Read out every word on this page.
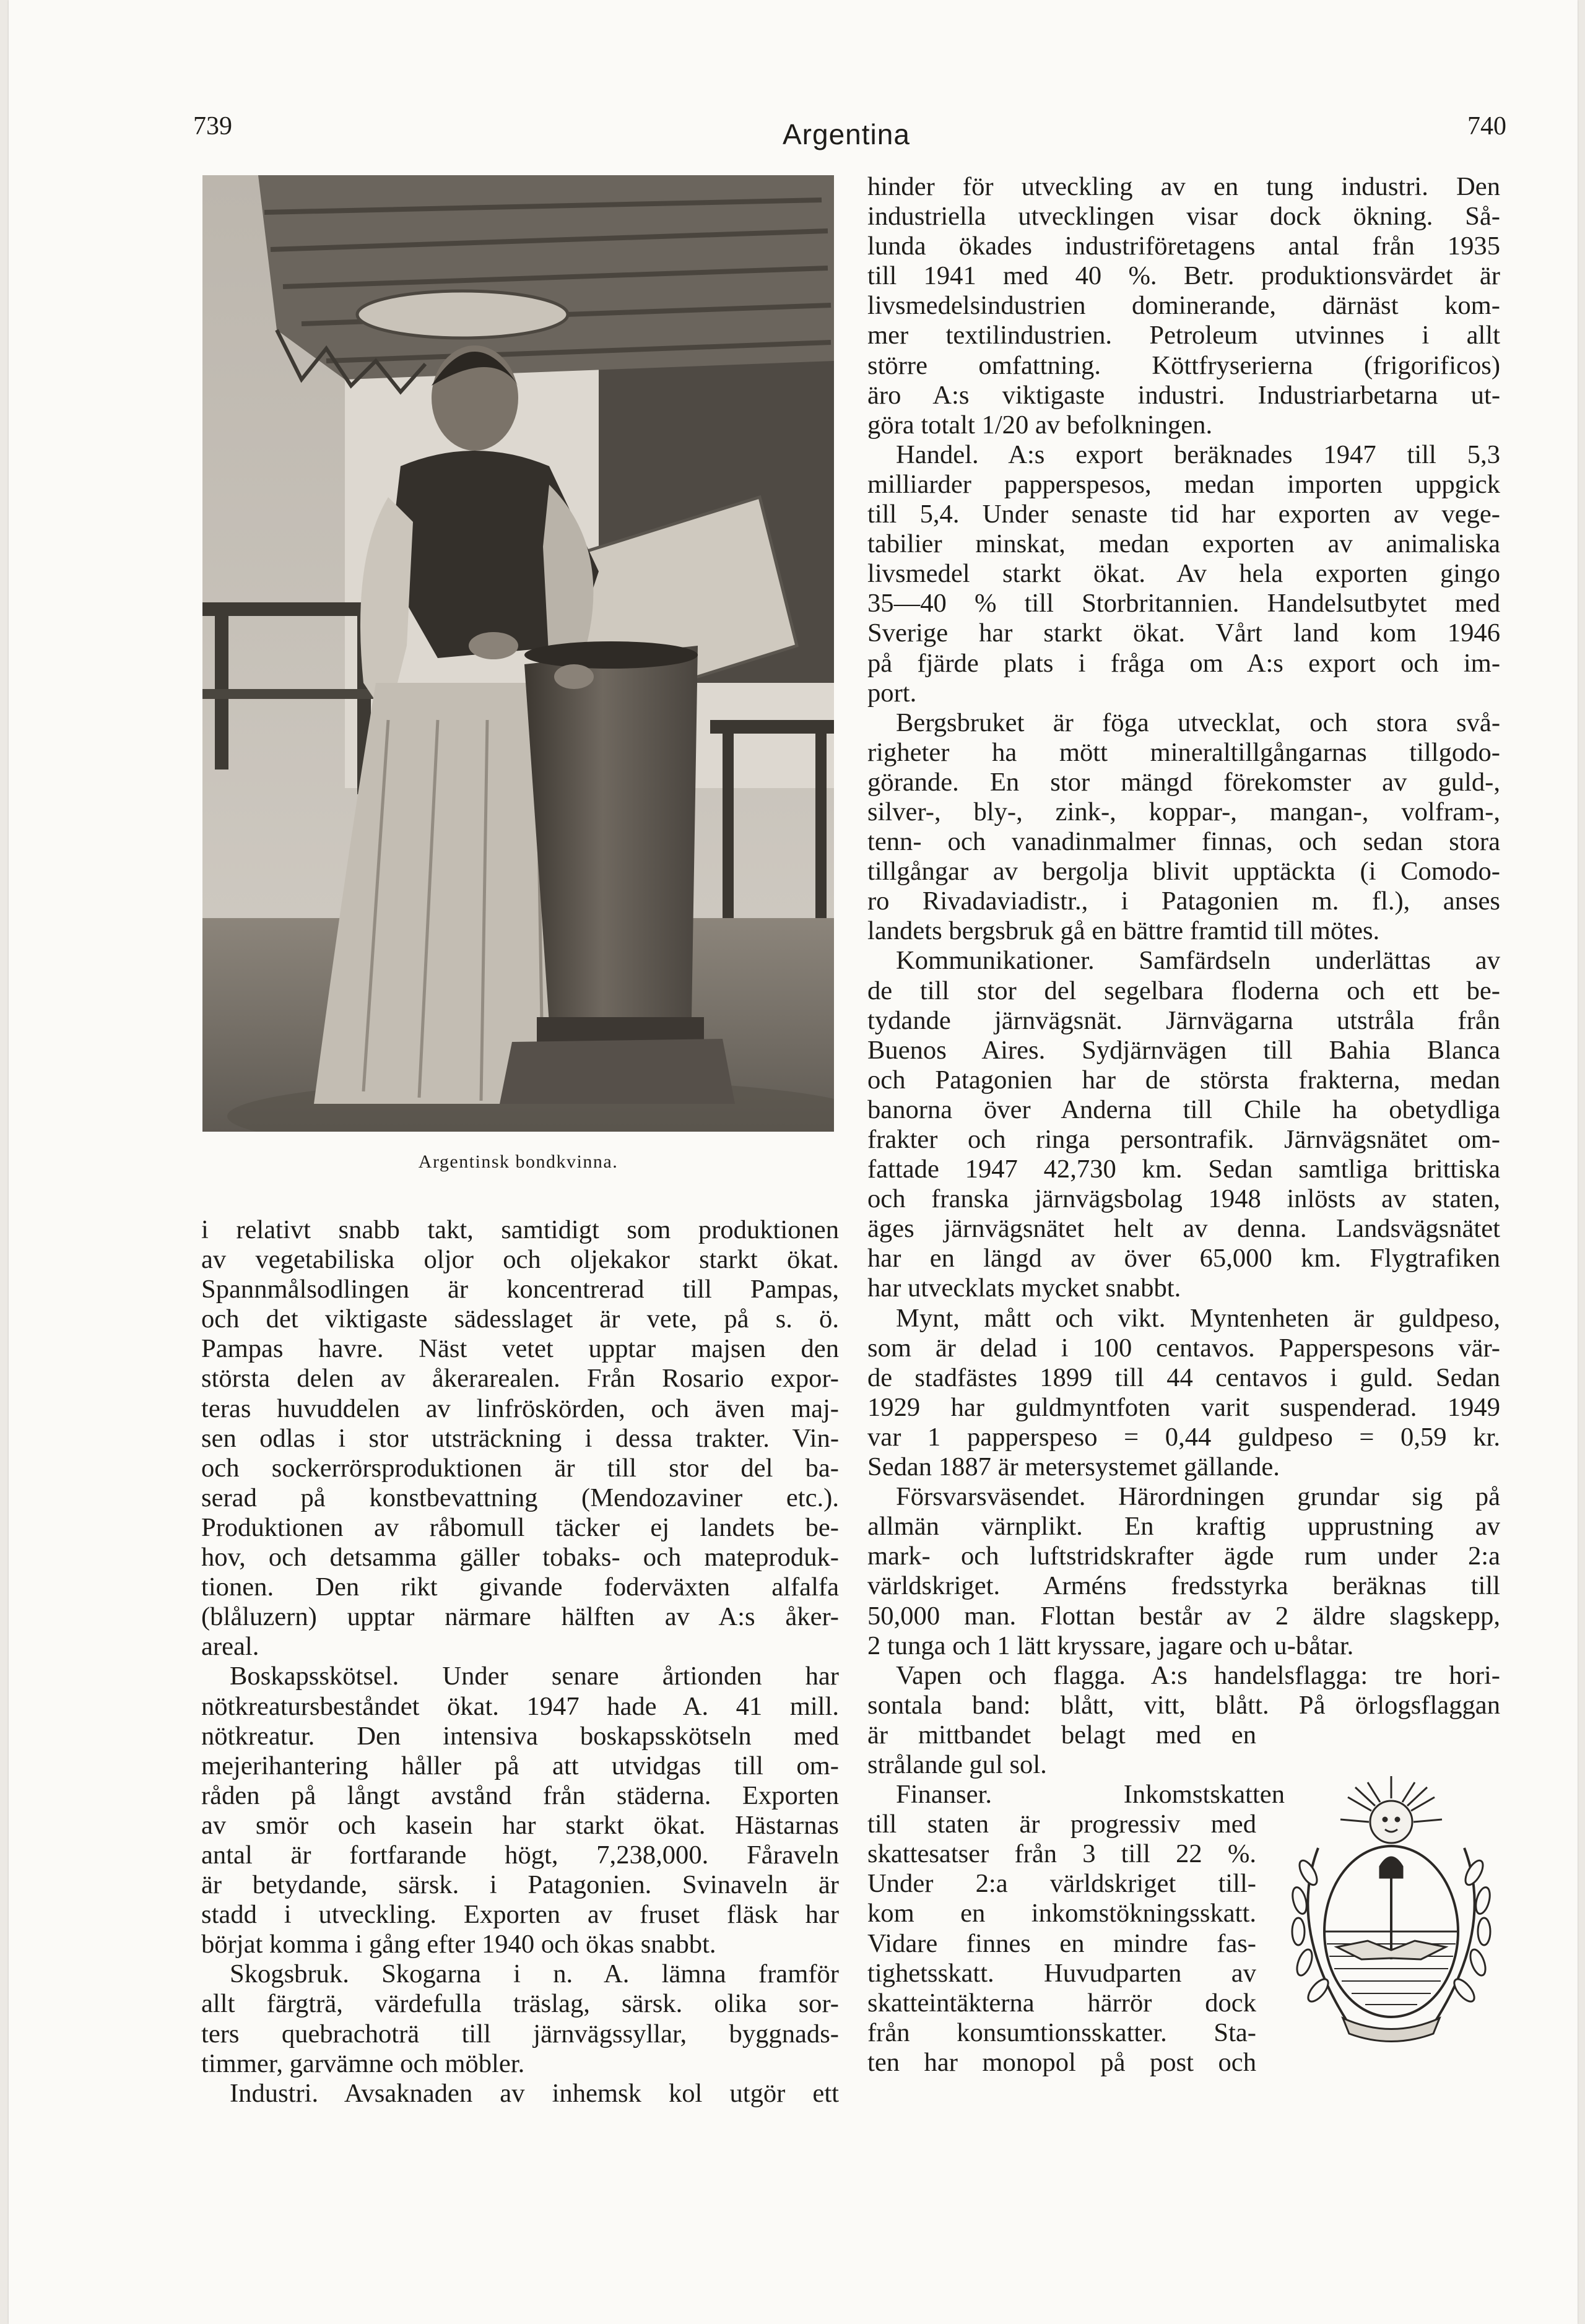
739	Argentina	740
Argentinsk bondkvinna.
i relativt snabb takt, samtidigt som produktionen
av vegetabiliska oljor och oljekakor starkt ökat.
Spannmålsodlingen är koncentrerad till Pampas,
och det viktigaste sädesslaget är vete, på s. ö.
Pampas havre. Näst vetet upptar majsen den
största delen av åkerarealen. Från Rosario expor-
teras huvuddelen av linfröskörden, och även maj-
sen odlas i stor utsträckning i dessa trakter. Vin-
och sockerrörsproduktionen är till stor del ba-
serad på konstbevattning (Mendozaviner etc.).
Produktionen av råbomull täcker ej landets be-
hov, och detsamma gäller tobaks- och mateproduk-
tionen. Den rikt givande foderväxten alfalfa
(blåluzern) upptar närmare hälften av A:s åker-
areal.
Boskapsskötsel. Under senare årtionden har
nötkreatursbeståndet ökat. 1947 hade A. 41 mill.
nötkreatur. Den intensiva boskapsskötseln med
mejerihantering håller på att utvidgas till om-
råden på långt avstånd från städerna. Exporten
av smör och kasein har starkt ökat. Hästarnas
antal är fortfarande högt, 7,238,000. Fåraveln
är betydande, särsk. i Patagonien. Svinaveln är
stadd i utveckling. Exporten av fruset fläsk har
börjat komma i gång efter 1940 och ökas snabbt.
Skogsbruk. Skogarna i n. A. lämna framför
allt färgträ, värdefulla träslag, särsk. olika sor-
ters quebrachoträ till järnvägssyllar, byggnads-
timmer, garvämne och möbler.
Industri. Avsaknaden av inhemsk kol utgör ett
hinder för utveckling av en tung industri. Den
industriella utvecklingen visar dock ökning. Så-
lunda ökades industriföretagens antal från 1935
till 1941 med 40 %. Betr. produktionsvärdet är
livsmedelsindustrien dominerande, därnäst kom-
mer textilindustrien. Petroleum utvinnes i allt
större omfattning. Köttfryserierna (frigorificos)
äro A:s viktigaste industri. Industriarbetarna ut-
göra totalt 1/20 av befolkningen.
Handel. A:s export beräknades 1947 till 5,3
milliarder papperspesos, medan importen uppgick
till 5,4. Under senaste tid har exporten av vege-
tabilier minskat, medan exporten av animaliska
livsmedel starkt ökat. Av hela exporten gingo
35—40 % till Storbritannien. Handelsutbytet med
Sverige har starkt ökat. Vårt land kom 1946
på fjärde plats i fråga om A:s export och im-
port.
Bergsbruket är föga utvecklat, och stora svå-
righeter ha mött mineraltillgångarnas tillgodo-
görande. En stor mängd förekomster av guld-,
silver-, bly-, zink-, koppar-, mangan-, volfram-,
tenn- och vanadinmalmer finnas, och sedan stora
tillgångar av bergolja blivit upptäckta (i Comodo-
ro Rivadaviadistr., i Patagonien m. fl.), anses
landets bergsbruk gå en bättre framtid till mötes.
Kommunikationer. Samfärdseln underlättas av
de till stor del segelbara floderna och ett be-
tydande järnvägsnät. Järnvägarna utstråla från
Buenos Aires. Sydjärnvägen till Bahia Blanca
och Patagonien har de största frakterna, medan
banorna över Anderna till Chile ha obetydliga
frakter och ringa persontrafik. Järnvägsnätet om-
fattade 1947 42,730 km. Sedan samtliga brittiska
och franska järnvägsbolag 1948 inlösts av staten,
äges järnvägsnätet helt av denna. Landsvägsnätet
har en längd av över 65,000 km. Flygtrafiken
har utvecklats mycket snabbt.
Mynt, mått och vikt. Myntenheten är guldpeso,
som är delad i 100 centavos. Papperspesons vär-
de stadfästes 1899 till 44 centavos i guld. Sedan
1929 har guldmyntfoten varit suspenderad. 1949
var 1 papperspeso = 0,44 guldpeso = 0,59 kr.
Sedan 1887 är metersystemet gällande.
Försvarsväsendet. Härordningen grundar sig på
allmän värnplikt. En kraftig upprustning av
mark- och luftstridskrafter ägde rum under 2:a
världskriget. Arméns fredsstyrka beräknas till
50,000 man. Flottan består av 2 äldre slagskepp,
2 tunga och 1 lätt kryssare, jagare och u-båtar.
Vapen och flagga. A:s handelsflagga: tre hori-
sontala band: blått, vitt, blått. På örlogsflaggan
är mittbandet belagt med en
strålande gul sol.
Finanser. Inkomstskatten
till staten är progressiv med
skattesatser från 3 till 22 %.
Under 2:a världskriget till-
kom en inkomstökningsskatt.
Vidare finnes en mindre fas-
tighetsskatt. Huvudparten av
skatteintäkterna härrör dock
från konsumtionsskatter. Sta-
ten har monopol på post och
